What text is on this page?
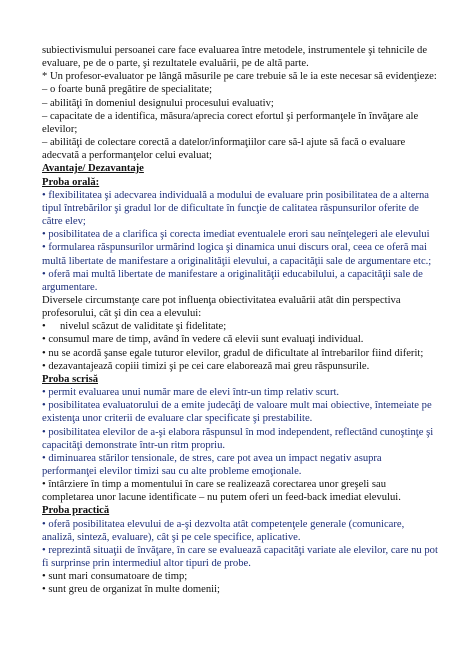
subiectivismului persoanei care face evaluarea între metodele, instrumentele şi tehnicile de evaluare, pe de o parte, şi rezultatele evaluării, pe de altă parte.

* Un profesor-evaluator pe lângă măsurile pe care trebuie să le ia este necesar să evidenţieze:

– o foarte bună pregătire de specialitate;

– abilităţi în domeniul designului procesului evaluativ;

– capacitate de a identifica, măsura/aprecia corect efortul şi performanţele în învăţare ale elevilor;

– abilităţi de colectare corectă a datelor/informaţiilor care să-l ajute să facă o evaluare adecvată a performanţelor celui evaluat;

Avantaje/ Dezavantaje

Proba orală:

• flexibilitatea şi adecvarea individuală a modului de evaluare prin posibilitatea de a alterna tipul întrebărilor şi gradul lor de dificultate în funcţie de calitatea răspunsurilor oferite de către elev;

• posibilitatea de a clarifica şi corecta imediat eventualele erori sau neînţelegeri ale elevului

• formularea răspunsurilor urmărind logica şi dinamica unui discurs oral, ceea ce oferă mai multă libertate de manifestare a originalităţii elevului, a capacităţii sale de argumentare etc.;

• oferă mai multă libertate de manifestare a originalităţii educabilului, a capacităţii sale de argumentare.

Diversele circumstanţe care pot influenţa obiectivitatea evaluării atât din perspectiva profesorului, cât şi din cea a elevului:

• nivelul scăzut de validitate şi fidelitate;

• consumul mare de timp, având în vedere că elevii sunt evaluaţi individual.

• nu se acordă şanse egale tuturor elevilor, gradul de dificultate al întrebarilor fiind diferit;

• dezavantajează copiii timizi şi pe cei care elaborează mai greu răspunsurile.

Proba scrisă

• permit evaluarea unui număr mare de elevi într-un timp relativ scurt.

• posibilitatea evaluatorului de a emite judecăţi de valoare mult mai obiective, întemeiate pe existenţa unor criterii de evaluare clar specificate şi prestabilite.

• posibilitatea elevilor de a-şi elabora răspunsul în mod independent, reflectând cunoştinţe şi capacităţi demonstrate într-un ritm propriu.

• diminuarea stărilor tensionale, de stres, care pot avea un impact negativ asupra performanţei elevilor timizi sau cu alte probleme emoţionale.

• întârziere în timp a momentului în care se realizează corectarea unor greşeli sau completarea unor lacune identificate – nu putem oferi un feed-back imediat elevului.

Proba practică

• oferă posibilitatea elevului de a-şi dezvolta atât competenţele generale (comunicare, analiză, sinteză, evaluare), cât şi pe cele specifice, aplicative.

• reprezintă situaţii de învăţare, în care se evaluează capacităţi variate ale elevilor, care nu pot fi surprinse prin intermediul altor tipuri de probe.

• sunt mari consumatoare de timp;

• sunt greu de organizat în multe domenii;
